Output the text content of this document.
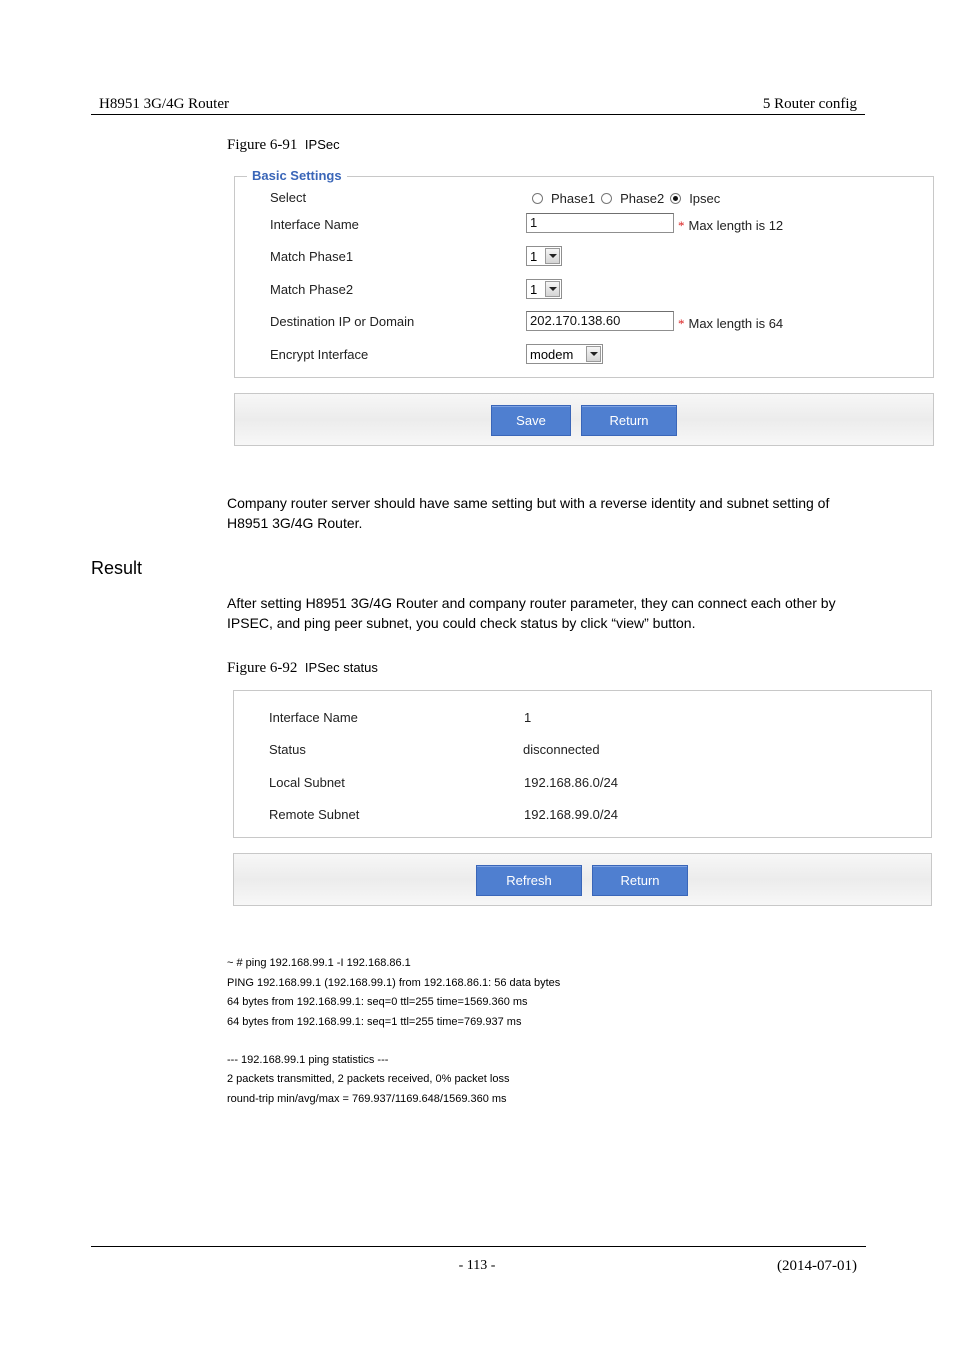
H8951 3G/4G Router	5 Router config
Figure 6-91 IPSec
Basic Settings
Select	Phase1 Phase2 Ipsec
Interface Name	1	* Max length is 12
Match Phase1	1
Match Phase2	1
Destination IP or Domain	202.170.138.60	* Max length is 64
Encrypt Interface	modem
Save	Return
Company router server should have same setting but with a reverse identity and subnet setting of H8951 3G/4G Router.
Result
After setting H8951 3G/4G Router and company router parameter, they can connect each other by IPSEC, and ping peer subnet, you could check status by click “view” button.
Figure 6-92 IPSec status
Interface Name	1
Status	disconnected
Local Subnet	192.168.86.0/24
Remote Subnet	192.168.99.0/24
Refresh	Return
~ # ping 192.168.99.1 -I 192.168.86.1
PING 192.168.99.1 (192.168.99.1) from 192.168.86.1: 56 data bytes
64 bytes from 192.168.99.1: seq=0 ttl=255 time=1569.360 ms
64 bytes from 192.168.99.1: seq=1 ttl=255 time=769.937 ms
--- 192.168.99.1 ping statistics ---
2 packets transmitted, 2 packets received, 0% packet loss
round-trip min/avg/max = 769.937/1169.648/1569.360 ms
- 113 -	(2014-07-01)
